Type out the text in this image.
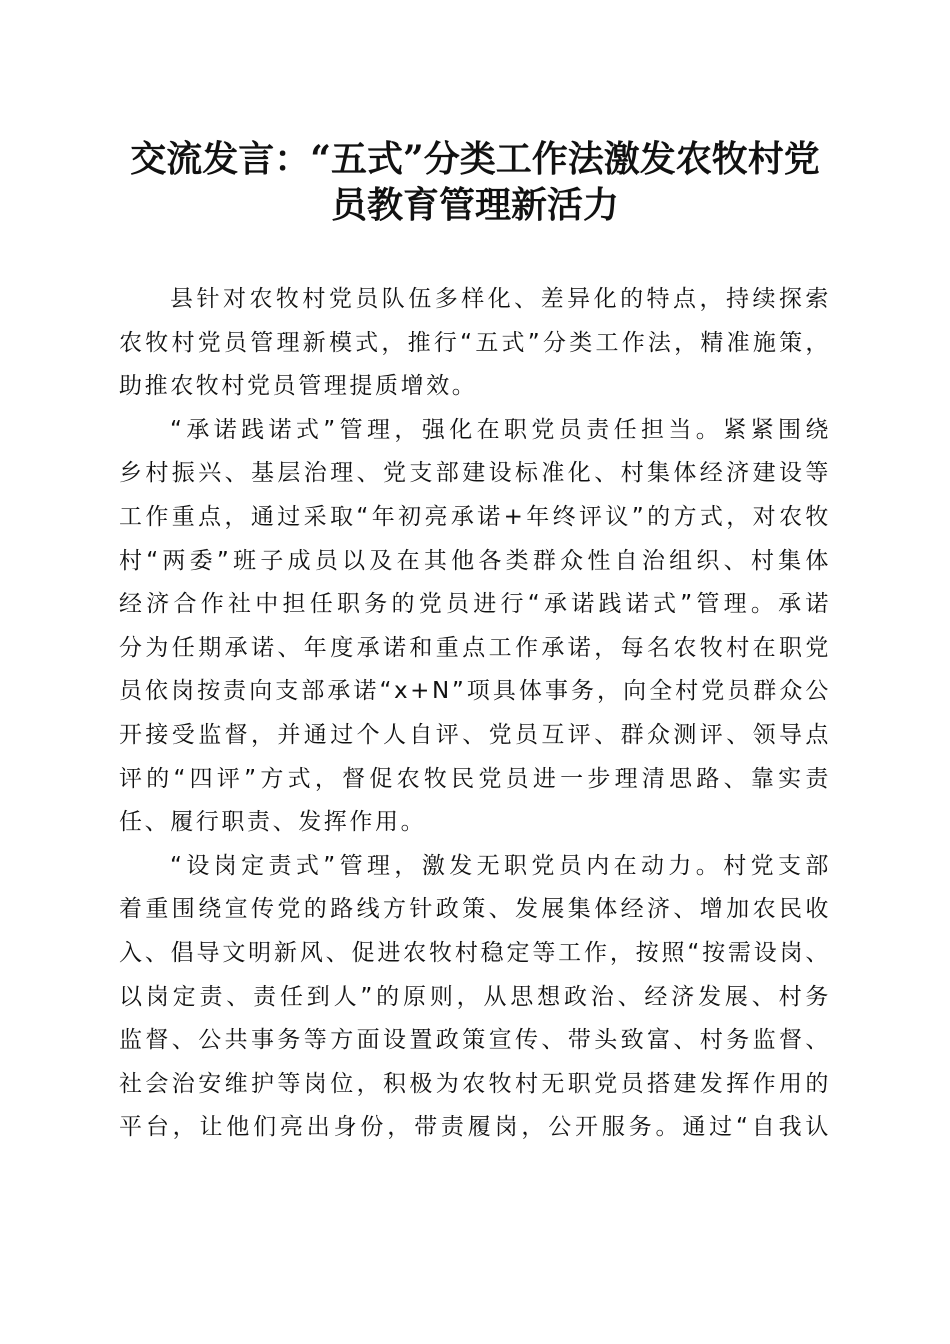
交流发言：“五式”分类工作法激发农牧村党
员教育管理新活力
县针对农牧村党员队伍多样化、差异化的特点，持续探索
农牧村党员管理新模式，推行“五式”分类工作法，精准施策，
助推农牧村党员管理提质增效。
“承诺践诺式”管理，强化在职党员责任担当。紧紧围绕
乡村振兴、基层治理、党支部建设标准化、村集体经济建设等
工作重点，通过采取“年初亮承诺+年终评议”的方式，对农牧
村“两委”班子成员以及在其他各类群众性自治组织、村集体
经济合作社中担任职务的党员进行“承诺践诺式”管理。承诺
分为任期承诺、年度承诺和重点工作承诺，每名农牧村在职党
员依岗按责向支部承诺“x+N”项具体事务，向全村党员群众公
开接受监督，并通过个人自评、党员互评、群众测评、领导点
评的“四评”方式，督促农牧民党员进一步理清思路、靠实责
任、履行职责、发挥作用。
“设岗定责式”管理，激发无职党员内在动力。村党支部
着重围绕宣传党的路线方针政策、发展集体经济、增加农民收
入、倡导文明新风、促进农牧村稳定等工作，按照“按需设岗、
以岗定责、责任到人”的原则，从思想政治、经济发展、村务
监督、公共事务等方面设置政策宣传、带头致富、村务监督、
社会治安维护等岗位，积极为农牧村无职党员搭建发挥作用的
平台，让他们亮出身份，带责履岗，公开服务。通过“自我认
